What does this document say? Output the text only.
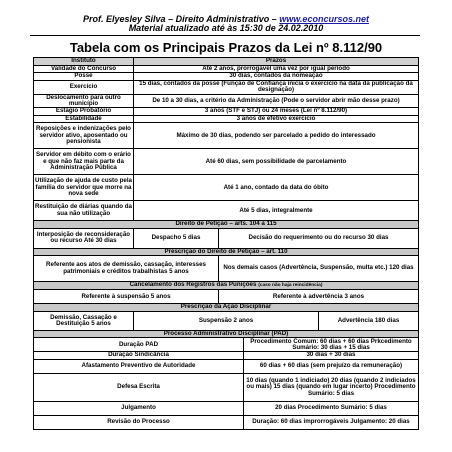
Prof. Elyesley Silva – Direito Administrativo – www.econcursos.net
Material atualizado até às 15:30 de 24.02.2010
Tabela com os Principais Prazos da Lei nº 8.112/90
Instituto	Prazos		
Validade do Concurso	Até 2 anos, prorrogável uma vez por igual período		
Posse	30 dias, contados da nomeação		
Exercício	15 dias, contados da posse (Função de Confiança inicia o exercício na data da publicação da designação)		
Deslocamento para outro município	De 10 a 30 dias, a critério da Administração (Pode o servidor abrir mão desse prazo)		
Estágio Probatório	3 anos (STF e STJ) ou 24 meses (Lei nº 8.112/90)		
Estabilidade	3 anos de efetivo exercício		
Reposições e indenizações pelo servidor ativo, aposentado ou pensionista	Máximo de 30 dias, podendo ser parcelado a pedido do interessado		
Servidor em débito com o erário e que não faz mais parte da Administração Pública	Até 60 dias, sem possibilidade de parcelamento		
Utilização de ajuda de custo pela família do servidor que morre na nova sede	Até 1 ano, contado da data do óbito		
Restituição de diárias quando da sua não utilização	Até 5 dias, integralmente		
Direito de Petição – arts. 104 a 115			
Interposição de reconsideração ou recurso Até 30 dias	Despacho 5 dias	Decisão do requerimento ou do recurso 30 dias	
Prescrição do Direito de Petição – art. 110			
Referente aos atos de demissão, cassação, interesses patrimoniais e créditos trabalhistas 5 anos		Nos demais casos (Advertência, Suspensão, multa etc.) 120 dias	
Cancelamento dos Registros das Punições (caso não haja reincidência)			
Referente à suspensão 5 anos		Referente à advertência 3 anos	
Prescrição da Ação Disciplinar			
Demissão, Cassação e Destituição 5 anos	Suspensão 2 anos		Advertência 180 dias
Processo Administrativo Disciplinar (PAD)	
Duração PAD	Procedimento Comum: 60 dias + 60 dias Prkcedimento Sumário: 30 dias + 15 dias
Duração Sindicância	30 dias + 30 dias
Afastamento Preventivo de Autoridade	60 dias + 60 dias (sem prejuízo da remuneração)
Defesa Escrita	10 dias (quando 1 indiciado) 20 dias (quando 2 indiciados ou mais) 15 dias (quando em lugar incerto) Procedimento Sumário: 5 dias
Julgamento	20 dias Procedimento Sumário: 5 dias
Revisão do Processo	Duração: 60 dias improrrogáveis Julgamento: 20 dias
